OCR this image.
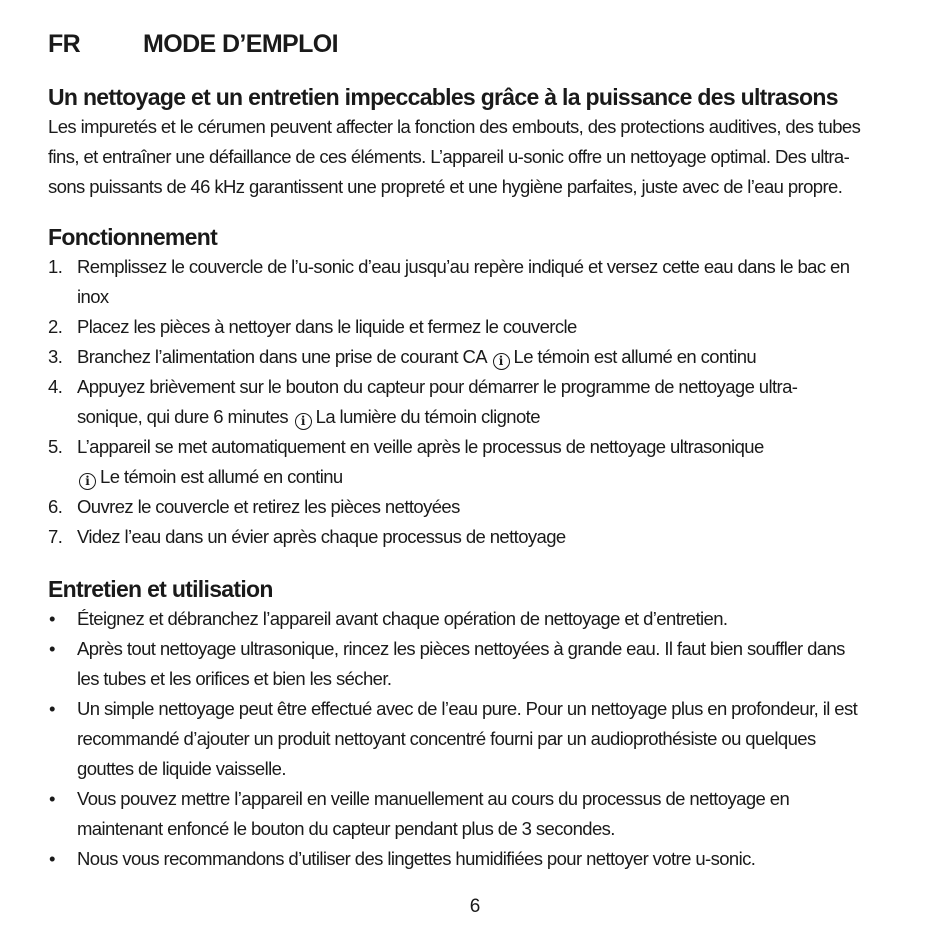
FR	MODE D’EMPLOI
Un nettoyage et un entretien impeccables grâce à la puissance des ultrasons

Les impuretés et le cérumen peuvent affecter la fonction des embouts, des protections auditives, des tubes
fins, et entraîner une défaillance de ces éléments. L’appareil u-sonic offre un nettoyage optimal. Des ultra-
sons puissants de 46 kHz garantissent une propreté et une hygiène parfaites, juste avec de l’eau propre.

Fonctionnement
1. Remplissez le couvercle de l’u-sonic d’eau jusqu’au repère indiqué et versez cette eau dans le bac en
inox
2. Placez les pièces à nettoyer dans le liquide et fermez le couvercle
3. Branchez l’alimentation dans une prise de courant CA i Le témoin est allumé en continu
4. Appuyez brièvement sur le bouton du capteur pour démarrer le programme de nettoyage ultra-
sonique, qui dure 6 minutes i La lumière du témoin clignote
5. L’appareil se met automatiquement en veille après le processus de nettoyage ultrasonique
i Le témoin est allumé en continu
6. Ouvrez le couvercle et retirez les pièces nettoyées
7. Videz l’eau dans un évier après chaque processus de nettoyage
Entretien et utilisation
• Éteignez et débranchez l’appareil avant chaque opération de nettoyage et d’entretien.
• Après tout nettoyage ultrasonique, rincez les pièces nettoyées à grande eau. Il faut bien souffler dans
les tubes et les orifices et bien les sécher.
• Un simple nettoyage peut être effectué avec de l’eau pure. Pour un nettoyage plus en profondeur, il est
recommandé d’ajouter un produit nettoyant concentré fourni par un audioprothésiste ou quelques
gouttes de liquide vaisselle.
• Vous pouvez mettre l’appareil en veille manuellement au cours du processus de nettoyage en
maintenant enfoncé le bouton du capteur pendant plus de 3 secondes.
• Nous vous recommandons d’utiliser des lingettes humidifiées pour nettoyer votre u-sonic.
6
